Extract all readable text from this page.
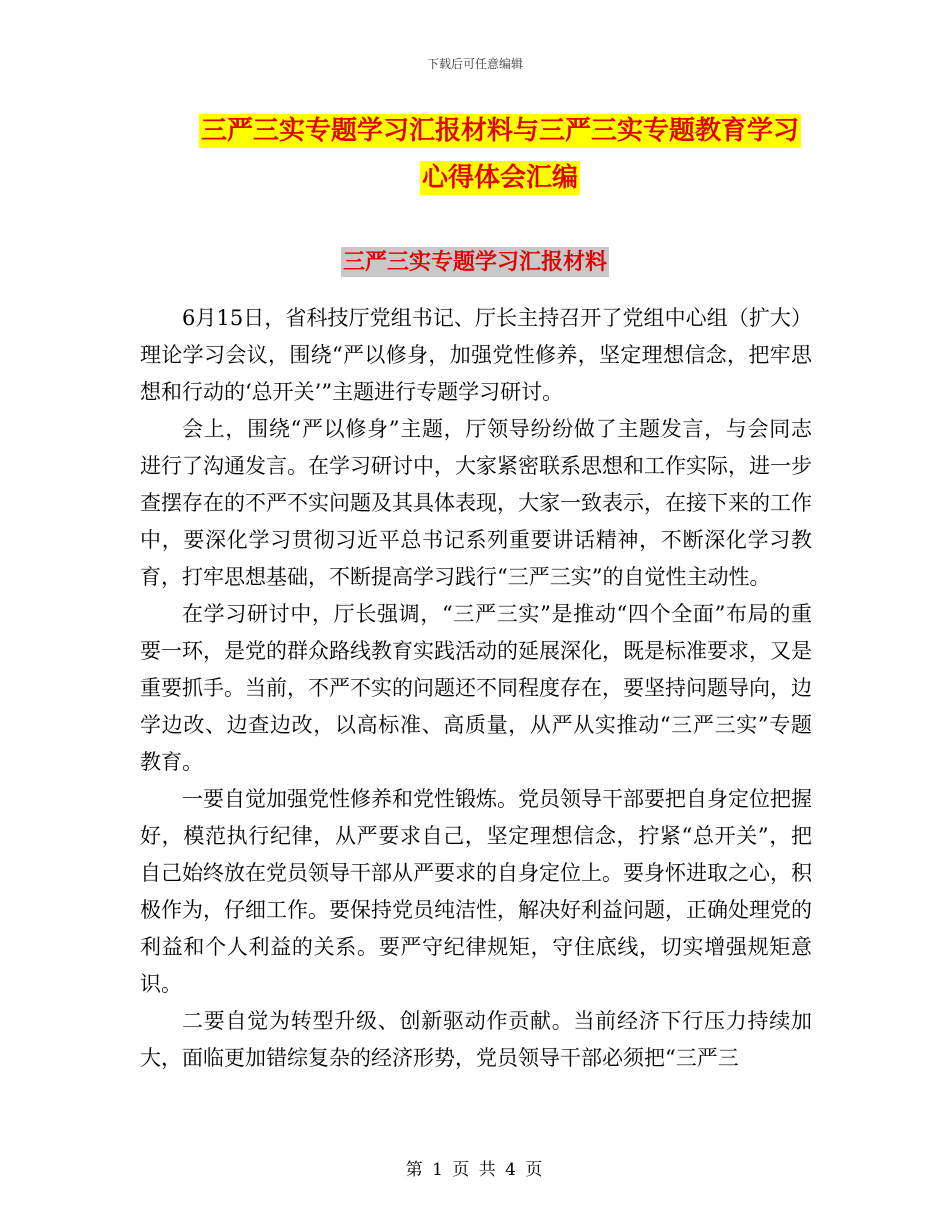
下载后可任意编辑
三严三实专题学习汇报材料与三严三实专题教育学习
心得体会汇编
三严三实专题学习汇报材料

6月15日，省科技厅党组书记、厅长主持召开了党组中心组（扩大）理论学习会议，围绕“严以修身，加强党性修养，坚定理想信念，把牢思想和行动的‘总开关’”主题进行专题学习研讨。

会上，围绕“严以修身”主题，厅领导纷纷做了主题发言，与会同志进行了沟通发言。在学习研讨中，大家紧密联系思想和工作实际，进一步查摆存在的不严不实问题及其具体表现，大家一致表示，在接下来的工作中，要深化学习贯彻习近平总书记系列重要讲话精神，不断深化学习教育，打牢思想基础，不断提高学习践行“三严三实”的自觉性主动性。

在学习研讨中，厅长强调，“三严三实”是推动“四个全面”布局的重要一环，是党的群众路线教育实践活动的延展深化，既是标准要求，又是重要抓手。当前，不严不实的问题还不同程度存在，要坚持问题导向，边学边改、边查边改，以高标准、高质量，从严从实推动“三严三实”专题教育。

一要自觉加强党性修养和党性锻炼。党员领导干部要把自身定位把握好，模范执行纪律，从严要求自己，坚定理想信念，拧紧“总开关”，把自己始终放在党员领导干部从严要求的自身定位上。要身怀进取之心，积极作为，仔细工作。要保持党员纯洁性，解决好利益问题，正确处理党的利益和个人利益的关系。要严守纪律规矩，守住底线，切实增强规矩意识。

二要自觉为转型升级、创新驱动作贡献。当前经济下行压力持续加大，面临更加错综复杂的经济形势，党员领导干部必须把“三严三

第 1 页 共 4 页
